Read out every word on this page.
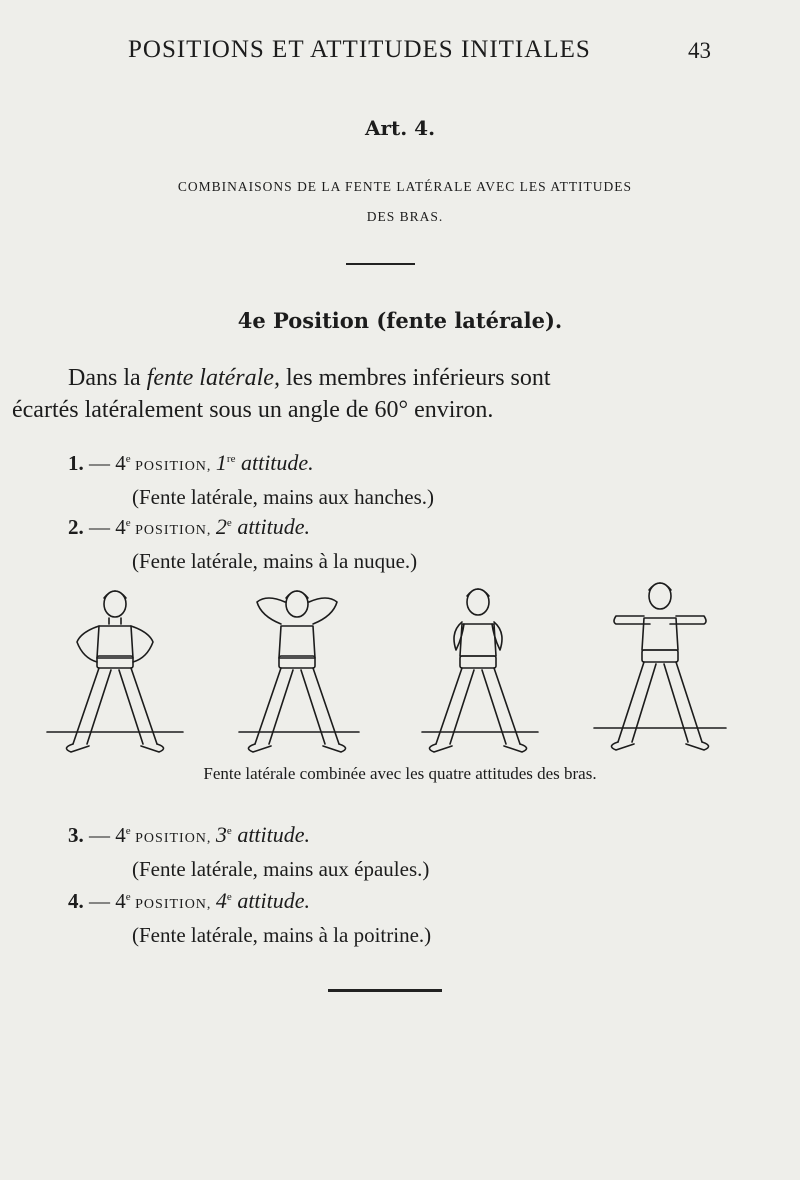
POSITIONS ET ATTITUDES INITIALES	43
Art. 4.
COMBINAISONS DE LA FENTE LATÉRALE AVEC LES ATTITUDES
DES BRAS.
4e Position (fente latérale).

Dans la fente latérale, les membres inférieurs sont

écartés latéralement sous un angle de 60° environ.

1. — 4e POSITION, 1re attitude.
(Fente latérale, mains aux hanches.)
2. — 4e POSITION, 2e attitude.
(Fente latérale, mains à la nuque.)
Fente latérale combinée avec les quatre attitudes des bras.
3. — 4e POSITION, 3e attitude.
(Fente latérale, mains aux épaules.)
4. — 4e POSITION, 4e attitude.
(Fente latérale, mains à la poitrine.)
